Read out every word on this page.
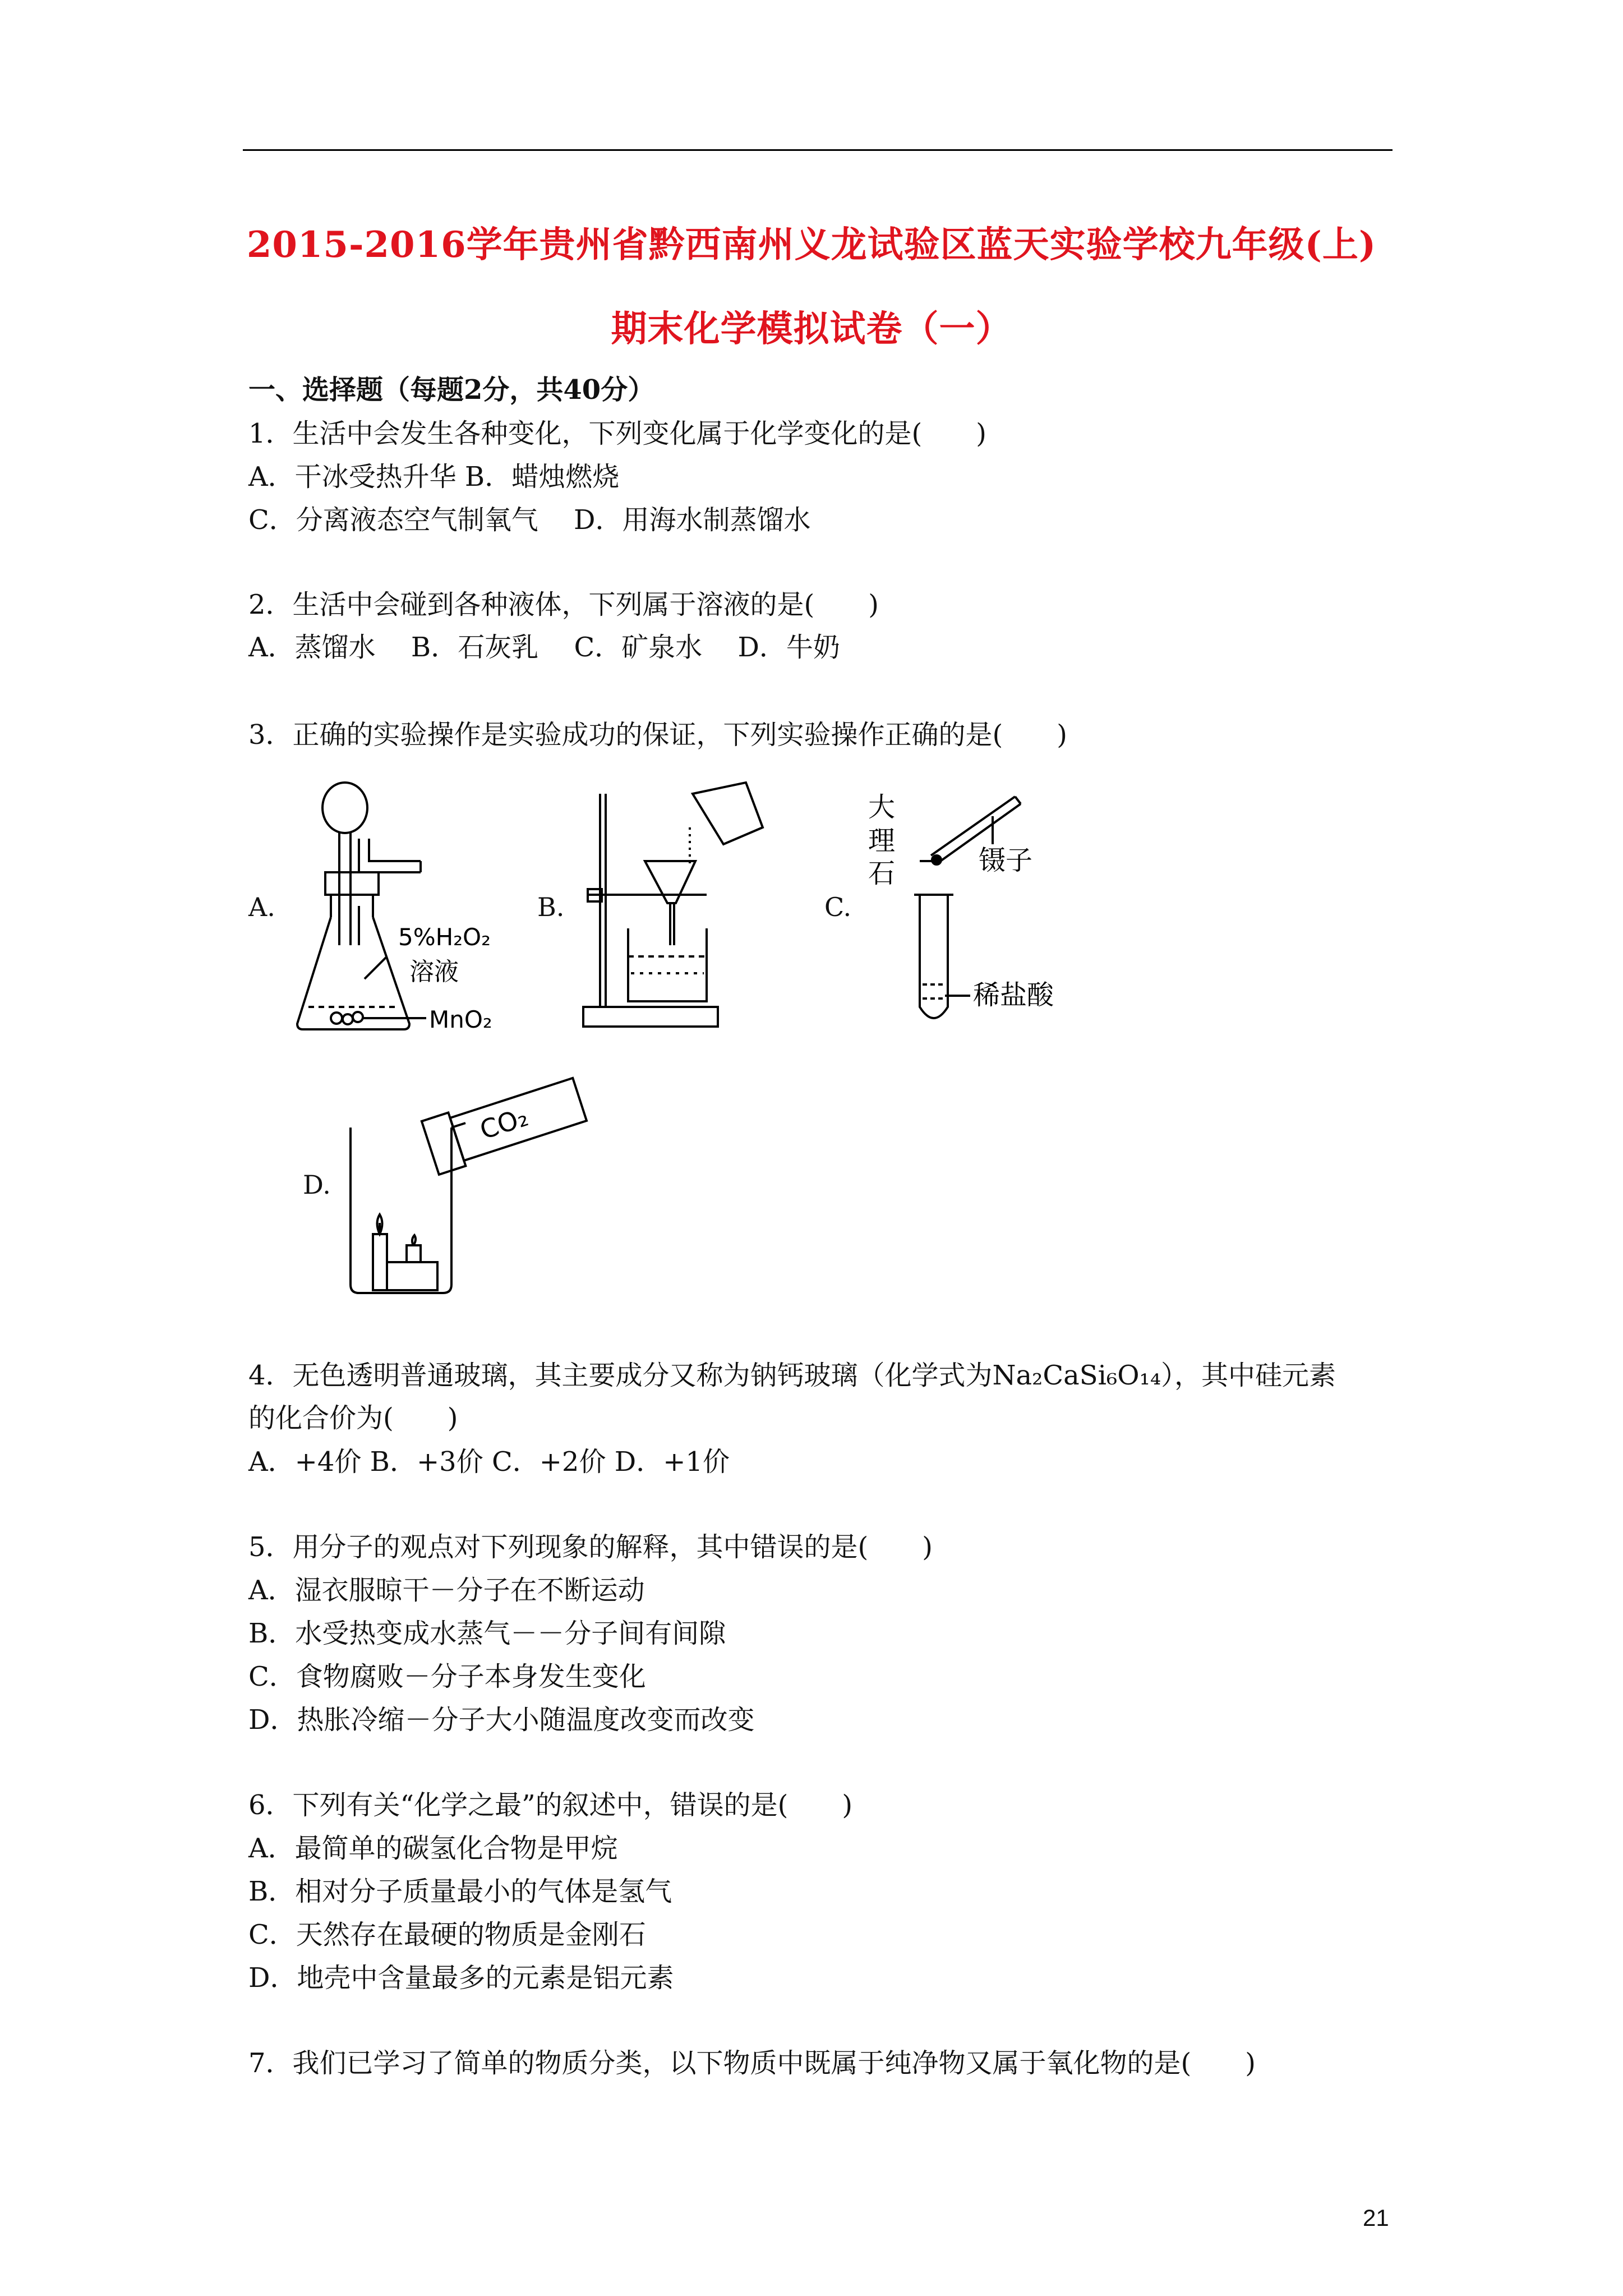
2015-2016学年贵州省黔西南州义龙试验区蓝天实验学校九年级(上)
期末化学模拟试卷（一）
一、选择题（每题2分，共40分）
1．生活中会发生各种变化，下列变化属于化学变化的是(　　)
A．干冰受热升华 B．蜡烛燃烧
C．分离液态空气制氧气　 D．用海水制蒸馏水
2．生活中会碰到各种液体，下列属于溶液的是(　　)
A．蒸馏水　 B．石灰乳　 C．矿泉水　 D．牛奶
3．正确的实验操作是实验成功的保证，下列实验操作正确的是(　　)
A.	B.	C.
D.
5%H₂O₂
溶液
MnO₂
大
理
石	镊子
稀盐酸
CO₂
4．无色透明普通玻璃，其主要成分又称为钠钙玻璃（化学式为Na₂CaSi₆O₁₄），其中硅元素
的化合价为(　　)
A．+4价 B．+3价 C．+2价 D．+1价
5．用分子的观点对下列现象的解释，其中错误的是(　　)
A．湿衣服晾干－分子在不断运动
B．水受热变成水蒸气－－分子间有间隙
C．食物腐败－分子本身发生变化
D．热胀冷缩－分子大小随温度改变而改变
6．下列有关“化学之最”的叙述中，错误的是(　　)
A．最简单的碳氢化合物是甲烷
B．相对分子质量最小的气体是氢气
C．天然存在最硬的物质是金刚石
D．地壳中含量最多的元素是铝元素
7．我们已学习了简单的物质分类，以下物质中既属于纯净物又属于氧化物的是(　　)
21
